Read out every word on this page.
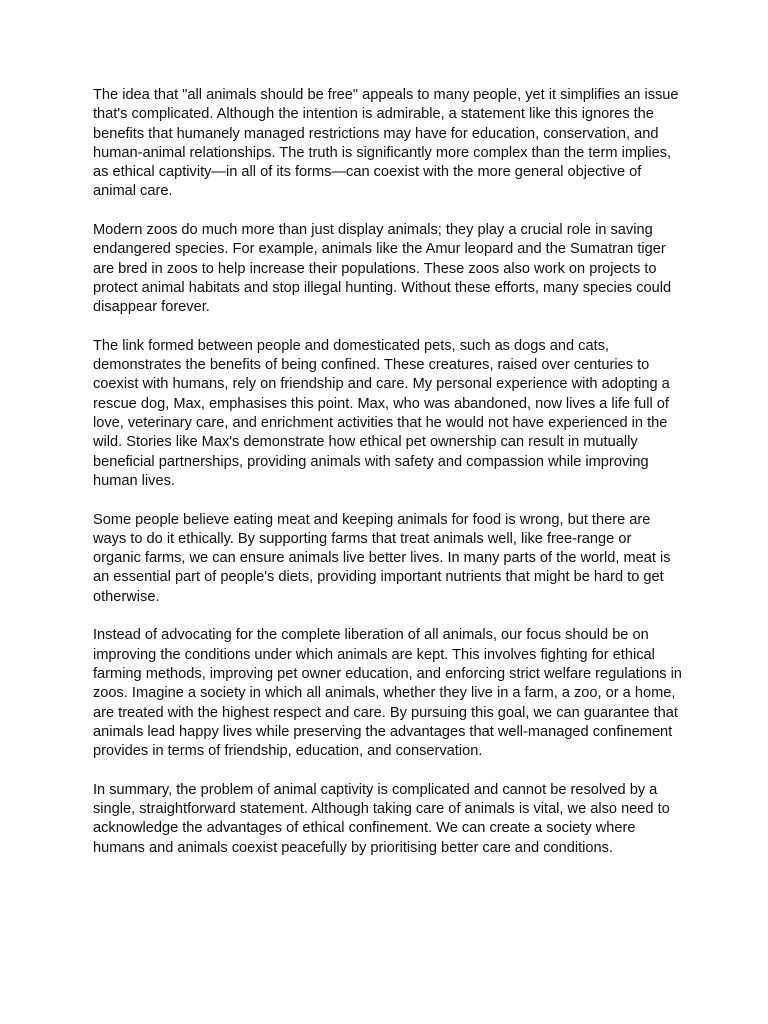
The idea that "all animals should be free" appeals to many people, yet it simplifies an issue that's complicated. Although the intention is admirable, a statement like this ignores the benefits that humanely managed restrictions may have for education, conservation, and human-animal relationships. The truth is significantly more complex than the term implies, as ethical captivity—in all of its forms—can coexist with the more general objective of animal care.

Modern zoos do much more than just display animals; they play a crucial role in saving endangered species. For example, animals like the Amur leopard and the Sumatran tiger are bred in zoos to help increase their populations. These zoos also work on projects to protect animal habitats and stop illegal hunting. Without these efforts, many species could disappear forever.

The link formed between people and domesticated pets, such as dogs and cats, demonstrates the benefits of being confined. These creatures, raised over centuries to coexist with humans, rely on friendship and care. My personal experience with adopting a rescue dog, Max, emphasises this point. Max, who was abandoned, now lives a life full of love, veterinary care, and enrichment activities that he would not have experienced in the wild. Stories like Max's demonstrate how ethical pet ownership can result in mutually beneficial partnerships, providing animals with safety and compassion while improving human lives.

Some people believe eating meat and keeping animals for food is wrong, but there are ways to do it ethically. By supporting farms that treat animals well, like free-range or organic farms, we can ensure animals live better lives. In many parts of the world, meat is an essential part of people's diets, providing important nutrients that might be hard to get otherwise.

Instead of advocating for the complete liberation of all animals, our focus should be on improving the conditions under which animals are kept. This involves fighting for ethical farming methods, improving pet owner education, and enforcing strict welfare regulations in zoos. Imagine a society in which all animals, whether they live in a farm, a zoo, or a home, are treated with the highest respect and care. By pursuing this goal, we can guarantee that animals lead happy lives while preserving the advantages that well-managed confinement provides in terms of friendship, education, and conservation.

In summary, the problem of animal captivity is complicated and cannot be resolved by a single, straightforward statement. Although taking care of animals is vital, we also need to acknowledge the advantages of ethical confinement. We can create a society where humans and animals coexist peacefully by prioritising better care and conditions.
